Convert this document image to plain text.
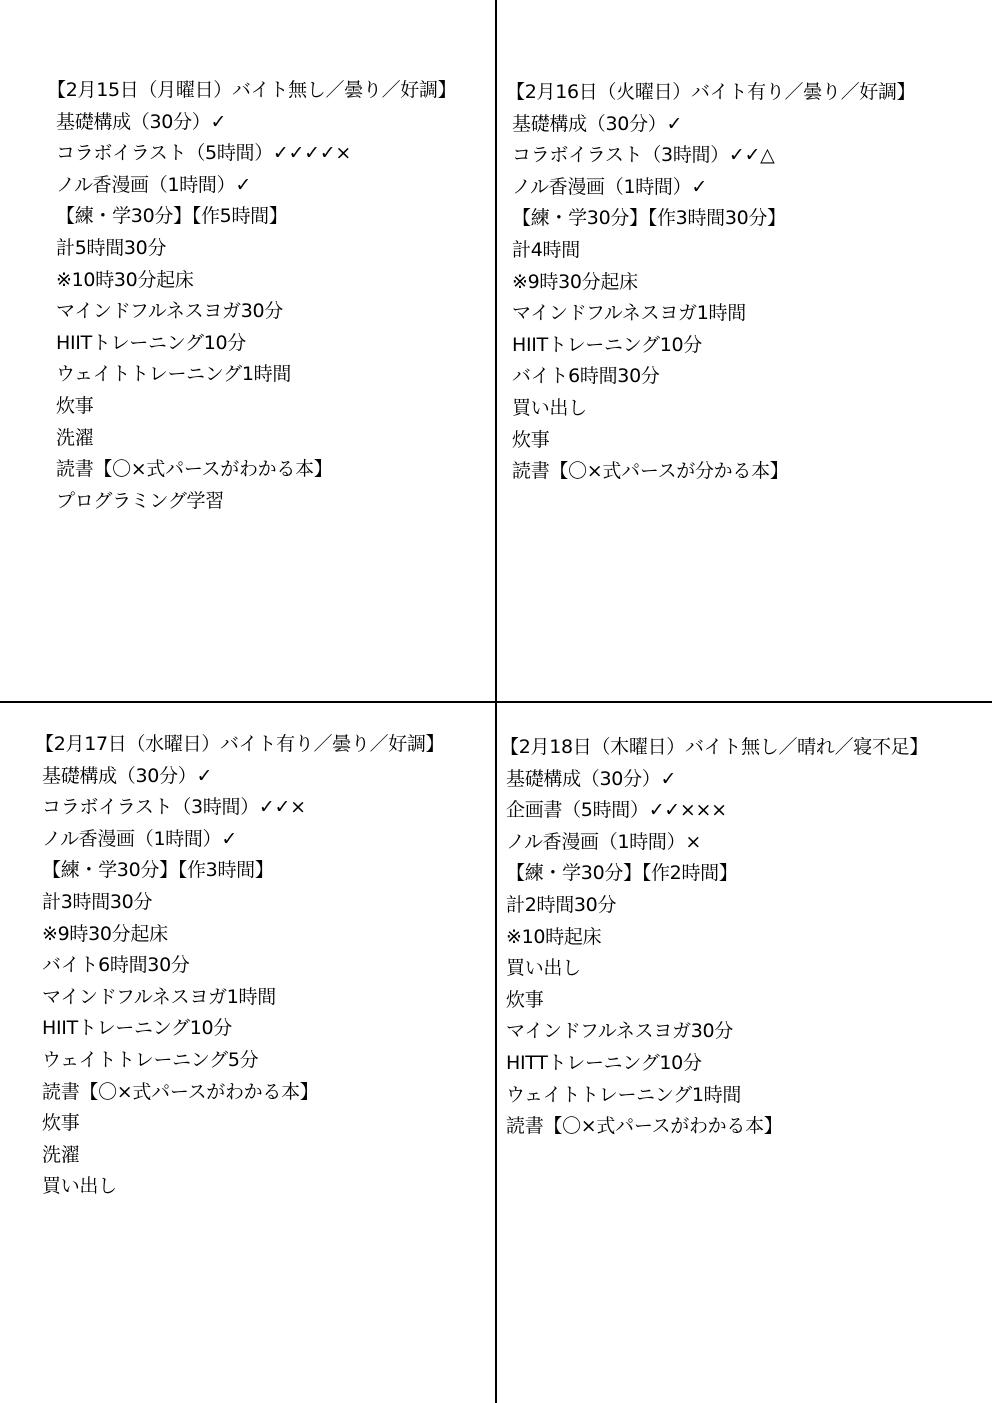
【2月15日（月曜日）バイト無し／曇り／好調】
基礎構成（30分）✓
コラボイラスト（5時間）✓✓✓✓×
ノル香漫画（1時間）✓
【練・学30分】【作5時間】
計5時間30分
※10時30分起床
マインドフルネスヨガ30分
HIITトレーニング10分
ウェイトトレーニング1時間
炊事
洗濯
読書【〇×式パースがわかる本】
プログラミング学習
【2月16日（火曜日）バイト有り／曇り／好調】
基礎構成（30分）✓
コラボイラスト（3時間）✓✓△
ノル香漫画（1時間）✓
【練・学30分】【作3時間30分】
計4時間
※9時30分起床
マインドフルネスヨガ1時間
HIITトレーニング10分
バイト6時間30分
買い出し
炊事
読書【〇×式パースが分かる本】
【2月17日（水曜日）バイト有り／曇り／好調】
基礎構成（30分）✓
コラボイラスト（3時間）✓✓×
ノル香漫画（1時間）✓
【練・学30分】【作3時間】
計3時間30分
※9時30分起床
バイト6時間30分
マインドフルネスヨガ1時間
HIITトレーニング10分
ウェイトトレーニング5分
読書【〇×式パースがわかる本】
炊事
洗濯
買い出し
【2月18日（木曜日）バイト無し／晴れ／寝不足】
基礎構成（30分）✓
企画書（5時間）✓✓×××
ノル香漫画（1時間）×
【練・学30分】【作2時間】
計2時間30分
※10時起床
買い出し
炊事
マインドフルネスヨガ30分
HITTトレーニング10分
ウェイトトレーニング1時間
読書【〇×式パースがわかる本】
